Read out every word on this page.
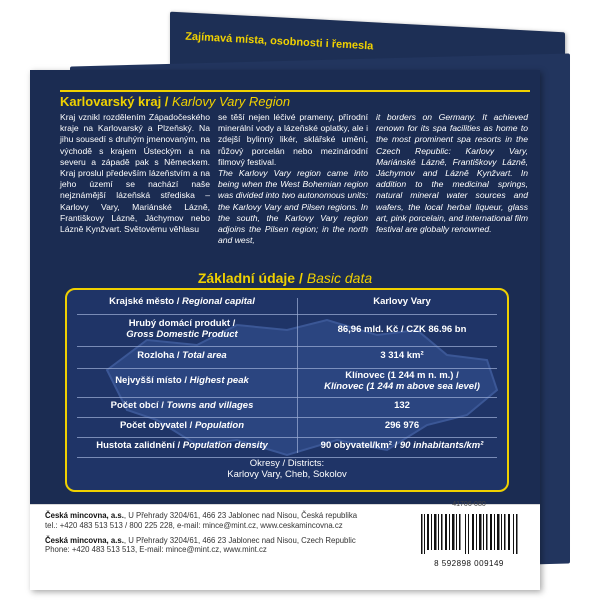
Zajímavá místa, osobnosti i řemesla
Karlovarský kraj / Karlovy Vary Region
Kraj vznikl rozdělením Západočeského kraje na Karlovarský a Plzeňský. Na jihu sousedí s druhým jmenovaným, na východě s krajem Ústeckým a na severu a západě pak s Německem. Kraj proslul především lázeňstvím a na jeho území se nachází naše nejznámější lázeňská střediska – Karlovy Vary, Mariánské Lázně, Františkovy Lázně, Jáchymov nebo Lázně Kynžvart. Světovému věhlasu
se těší nejen léčivé prameny, přírodní minerální vody a lázeňské oplatky, ale i zdejší bylinný likér, sklářské umění, růžový porcelán nebo mezinárodní filmový festival.
The Karlovy Vary region came into being when the West Bohemian region was divided into two autonomous units: the Karlovy Vary and Pilsen regions. In the south, the Karlovy Vary region adjoins the Pilsen region; in the north and west,
it borders on Germany. It achieved renown for its spa facilities as home to the most prominent spa resorts in the Czech Republic: Karlovy Vary, Mariánské Lázně, Františkovy Lázně, Jáchymov and Lázně Kynžvart. In addition to the medicinal springs, natural mineral water sources and wafers, the local herbal liqueur, glass art, pink porcelain, and international film festival are globally renowned.
Základní údaje / Basic data
Krajské město / Regional capital	Karlovy Vary
Hrubý domácí produkt /
Gross Domestic Product	86,96 mld. Kč / CZK 86.96 bn
Rozloha / Total area	3 314 km²
Nejvyšší místo / Highest peak	Klínovec (1 244 m n. m.) /
Klínovec (1 244 m above sea level)
Počet obcí / Towns and villages	132
Počet obyvatel / Population	296 976
Hustota zalidnění / Population density	90 obyvatel/km² / 90 inhabitants/km²
Okresy / Districts:
Karlovy Vary, Cheb, Sokolov
Česká mincovna, a.s., U Přehrady 3204/61, 466 23 Jablonec nad Nisou, Česká republika
tel.: +420 483 513 513 / 800 225 228, e-mail: mince@mint.cz, www.ceskamincovna.cz
Česká mincovna, a.s., U Přehrady 3204/61, 466 23 Jablonec nad Nisou, Czech Republic
Phone: +420 483 513 513, E-mail: mince@mint.cz, www.mint.cz
41706-080
8 592898 009149
